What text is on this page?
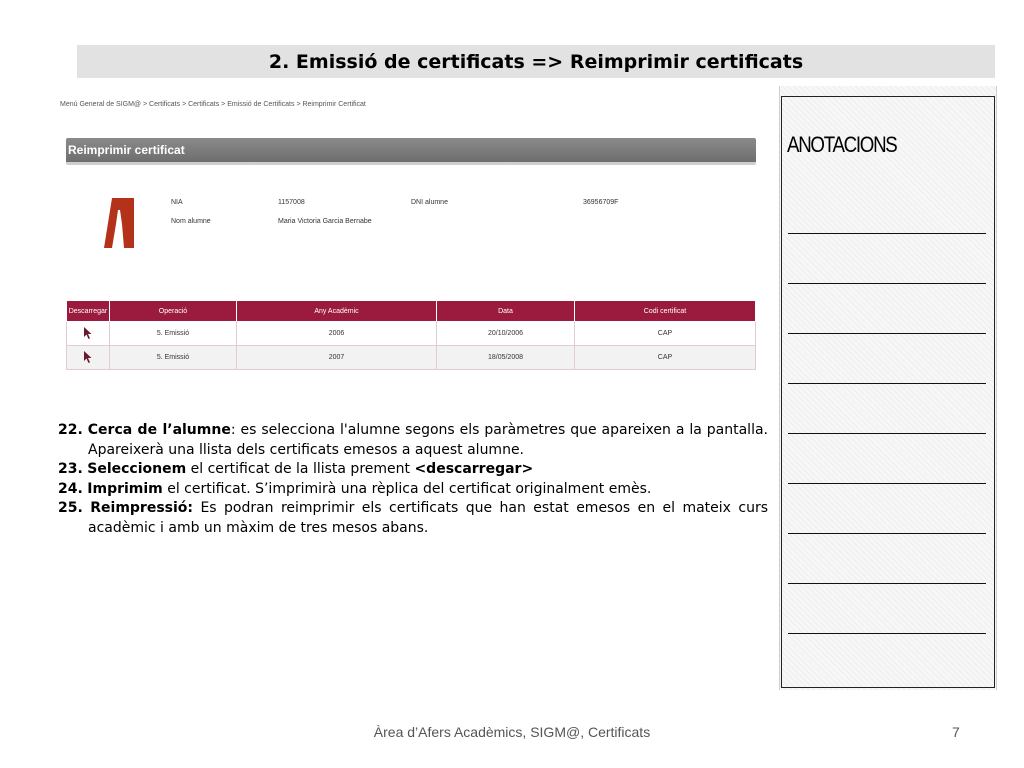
2. Emissió de certificats => Reimprimir certificats
Menú General de SIGM@ > Certificats > Certificats > Emissió de Certificats > Reimprimir Certificat
Reimprimir certificat
NIA	1157008	DNI alumne	36956709F
Nom alumne	Maria Victoria Garcia Bernabe
Descarregar	Operació	Any Acadèmic	Data	Codi certificat
	5. Emissió	2006	20/10/2006	CAP
	5. Emissió	2007	18/05/2008	CAP

22. Cerca de l’alumne: es selecciona l'alumne segons els paràmetres que apareixen a la pantalla. Apareixerà una llista dels certificats emesos a aquest alumne.

23. Seleccionem el certificat de la llista prement <descarregar>

24. Imprimim el certificat. S’imprimirà una rèplica del certificat originalment emès.

25. Reimpressió: Es podran reimprimir els certificats que han estat emesos en el mateix curs acadèmic i amb un màxim de tres mesos abans.

ANOTACIONS
Àrea d’Afers Acadèmics, SIGM@, Certificats	7
